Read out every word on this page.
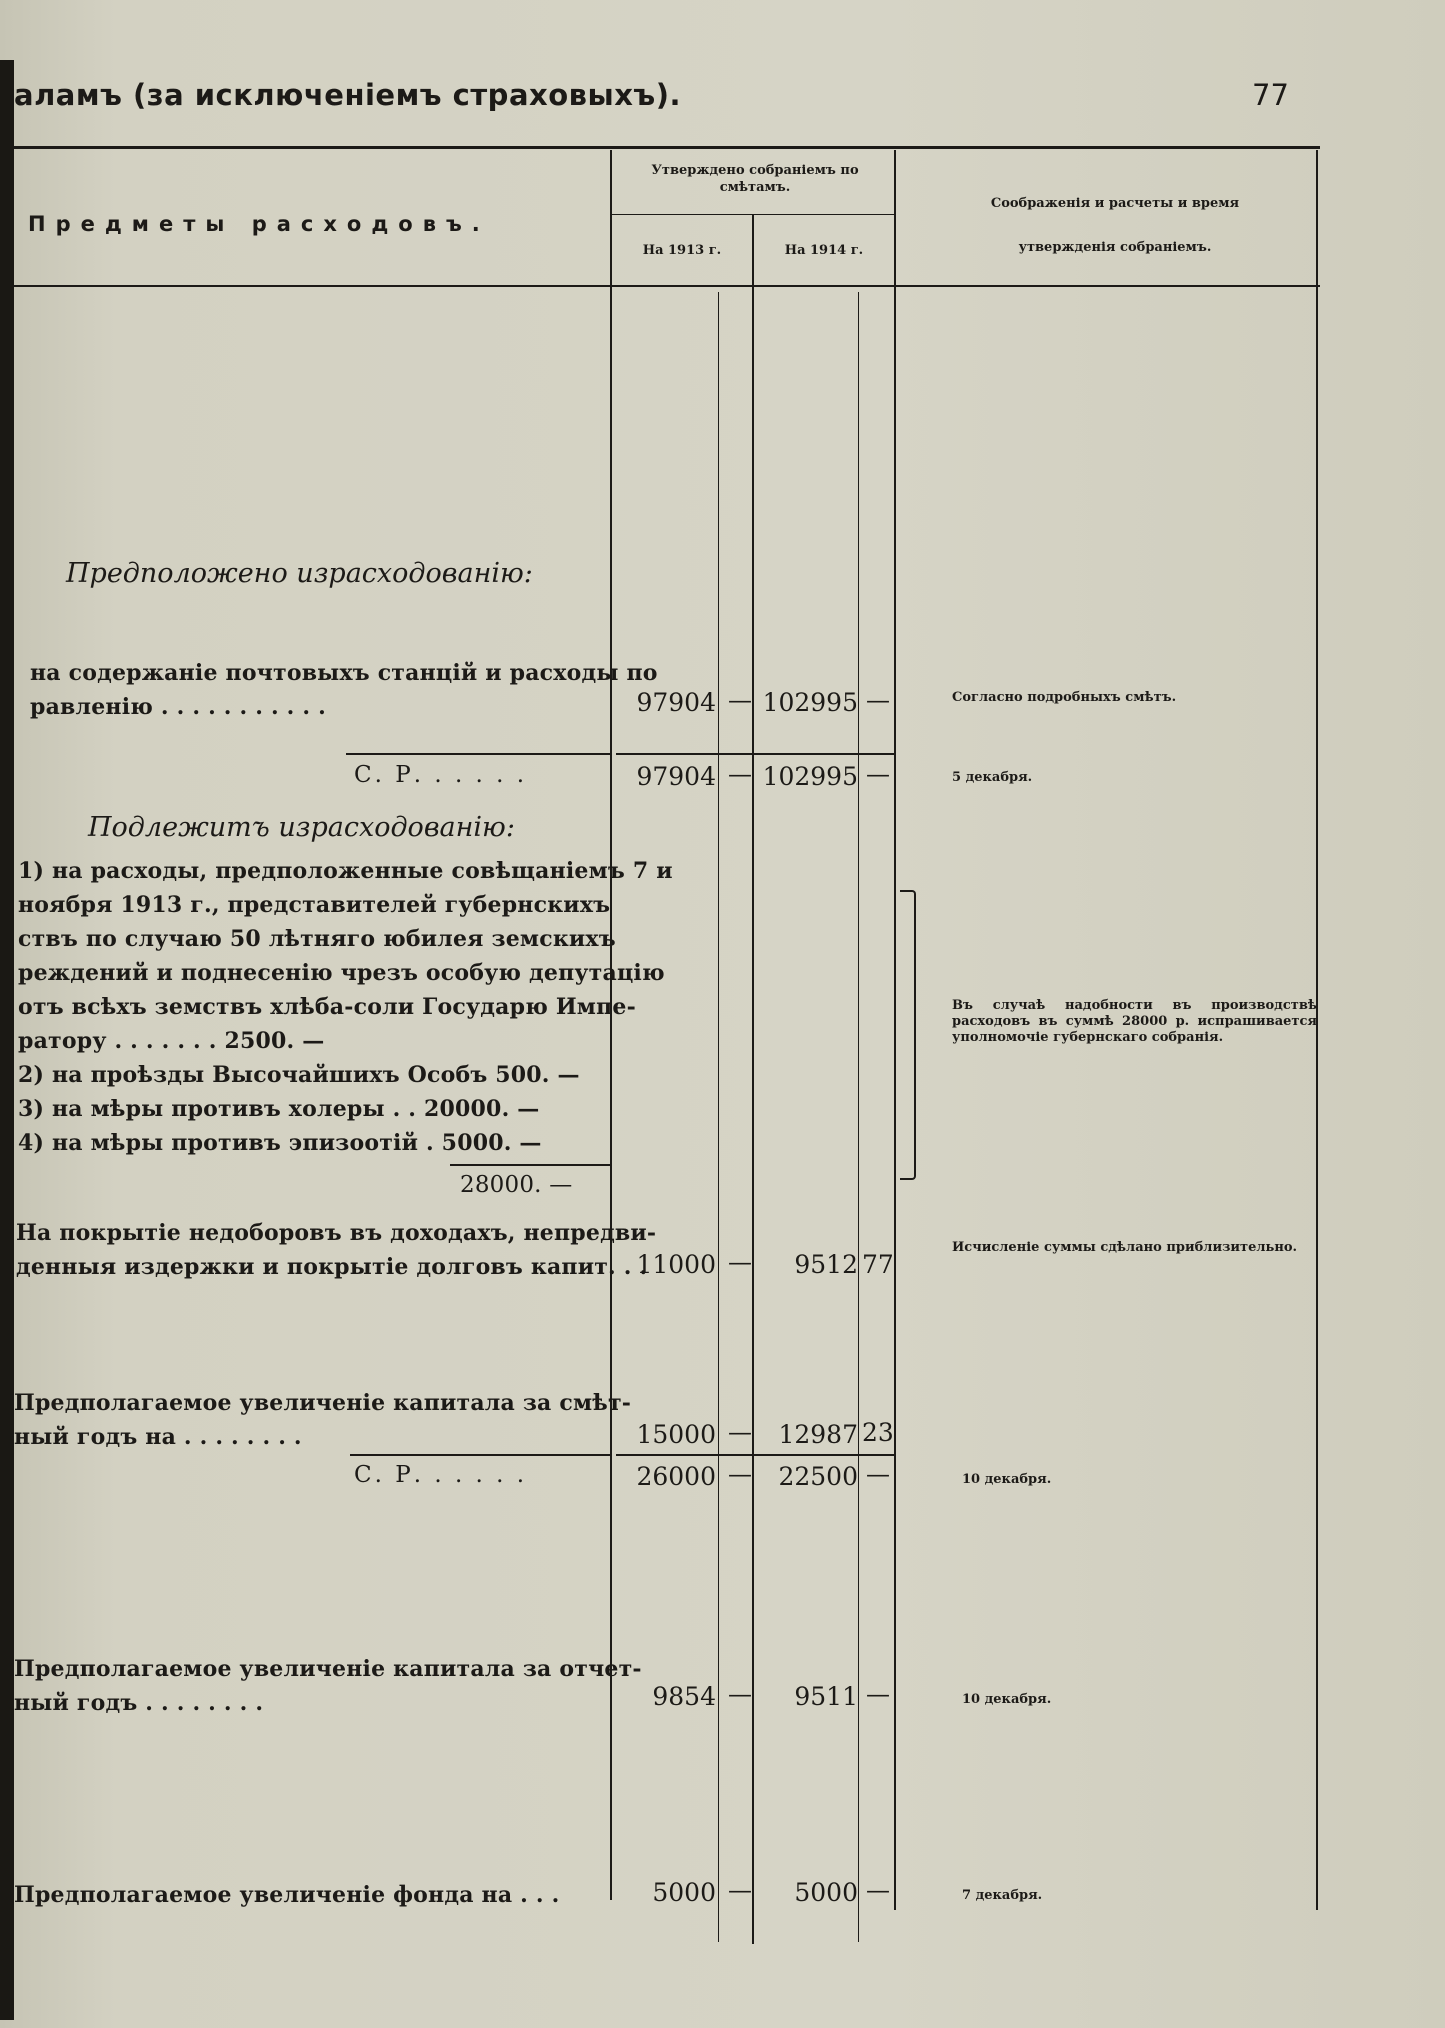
аламъ (за исключеніемъ страховыхъ).	77
Предметы расходовъ.
Утверждено собраніемъ по смѣтамъ.
На 1913 г.	На 1914 г.
Соображенія и расчеты и время утвержденія собраніемъ.
Предположено израсходованію:
на содержаніе почтовыхъ станцій и расходы по
равленію . . . . . . . . . . .	97904 — 102995 —	Согласно подробныхъ смѣтъ.
С. Р. . . . . .	97904 — 102995 —	5 декабря.
Подлежитъ израсходованію:
1) на расходы, предположенные совѣщаніемъ 7 и
ноября 1913 г., представителей губернскихъ
ствъ по случаю 50 лѣтняго юбилея земскихъ
реждений и поднесенію чрезъ особую депутацію
отъ всѣхъ земствъ хлѣба-соли Государю Импе-
ратору . . . . . . . 2500. —
2) на проѣзды Высочайшихъ Особъ 500. —
3) на мѣры противъ холеры . . 20000. —
4) на мѣры противъ эпизоотій . 5000. —
28000. —
Въ случаѣ надобности въ производствѣ расходовъ въ суммѣ 28000 р. испрашивается уполномочіе губернскаго собранія.
На покрытіе недоборовъ въ доходахъ, непредви-
денныя издержки и покрытіе долговъ капит. . .
11000 —	9512 77
Исчисленіе суммы сдѣлано приблизительно.
Предполагаемое увеличеніе капитала за смѣт-
ный годъ на . . . . . . . .	15000 —	12987 23
С. Р. . . . . .	26000 —	22500 —	10 декабря.
Предполагаемое увеличеніе капитала за отчет-
ный годъ . . . . . . . .	9854 —	9511 —	10 декабря.
Предполагаемое увеличеніе фонда на . . .	5000 —	5000 —	7 декабря.
